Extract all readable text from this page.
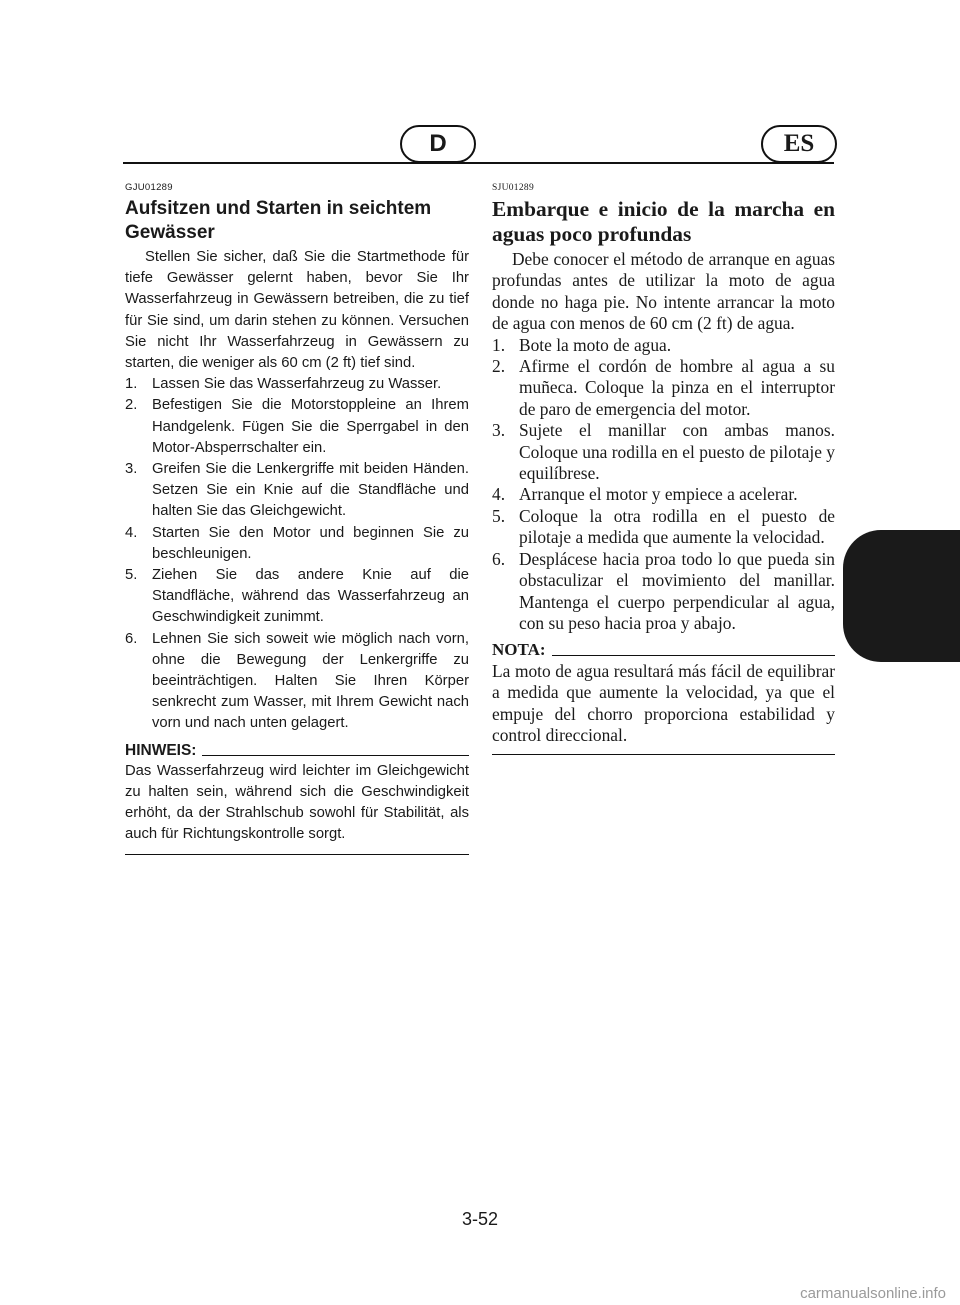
D	ES
GJU01289
Aufsitzen und Starten in seichtem Gewässer

Stellen Sie sicher, daß Sie die Startmethode für tiefe Gewässer gelernt haben, bevor Sie Ihr Wasserfahrzeug in Gewässern betreiben, die zu tief für Sie sind, um darin stehen zu können. Versuchen Sie nicht Ihr Wasserfahrzeug in Gewässern zu starten, die weniger als 60 cm (2 ft) tief sind.

1. Lassen Sie das Wasserfahrzeug zu Wasser.
2. Befestigen Sie die Motorstoppleine an Ihrem Handgelenk. Fügen Sie die Sperrgabel in den Motor-Absperrschalter ein.
3. Greifen Sie die Lenkergriffe mit beiden Händen. Setzen Sie ein Knie auf die Standfläche und halten Sie das Gleichgewicht.
4. Starten Sie den Motor und beginnen Sie zu beschleunigen.
5. Ziehen Sie das andere Knie auf die Standfläche, während das Wasserfahrzeug an Geschwindigkeit zunimmt.
6. Lehnen Sie sich soweit wie möglich nach vorn, ohne die Bewegung der Lenkergriffe zu beeinträchtigen. Halten Sie Ihren Körper senkrecht zum Wasser, mit Ihrem Gewicht nach vorn und nach unten gelagert.
HINWEIS:

Das Wasserfahrzeug wird leichter im Gleichgewicht zu halten sein, während sich die Geschwindigkeit erhöht, da der Strahlschub sowohl für Stabilität, als auch für Richtungskontrolle sorgt.

SJU01289
Embarque e inicio de la marcha en aguas poco profundas

Debe conocer el método de arranque en aguas profundas antes de utilizar la moto de agua donde no haga pie. No intente arrancar la moto de agua con menos de 60 cm (2 ft) de agua.

1. Bote la moto de agua.
2. Afirme el cordón de hombre al agua a su muñeca. Coloque la pinza en el interruptor de paro de emergencia del motor.
3. Sujete el manillar con ambas manos. Coloque una rodilla en el puesto de pilotaje y equilíbrese.
4. Arranque el motor y empiece a acelerar.
5. Coloque la otra rodilla en el puesto de pilotaje a medida que aumente la velocidad.
6. Desplácese hacia proa todo lo que pueda sin obstaculizar el movimiento del manillar. Mantenga el cuerpo perpendicular al agua, con su peso hacia proa y abajo.
NOTA:

La moto de agua resultará más fácil de equilibrar a medida que aumente la velocidad, ya que el empuje del chorro proporciona estabilidad y control direccional.

3-52
carmanualsonline.info
